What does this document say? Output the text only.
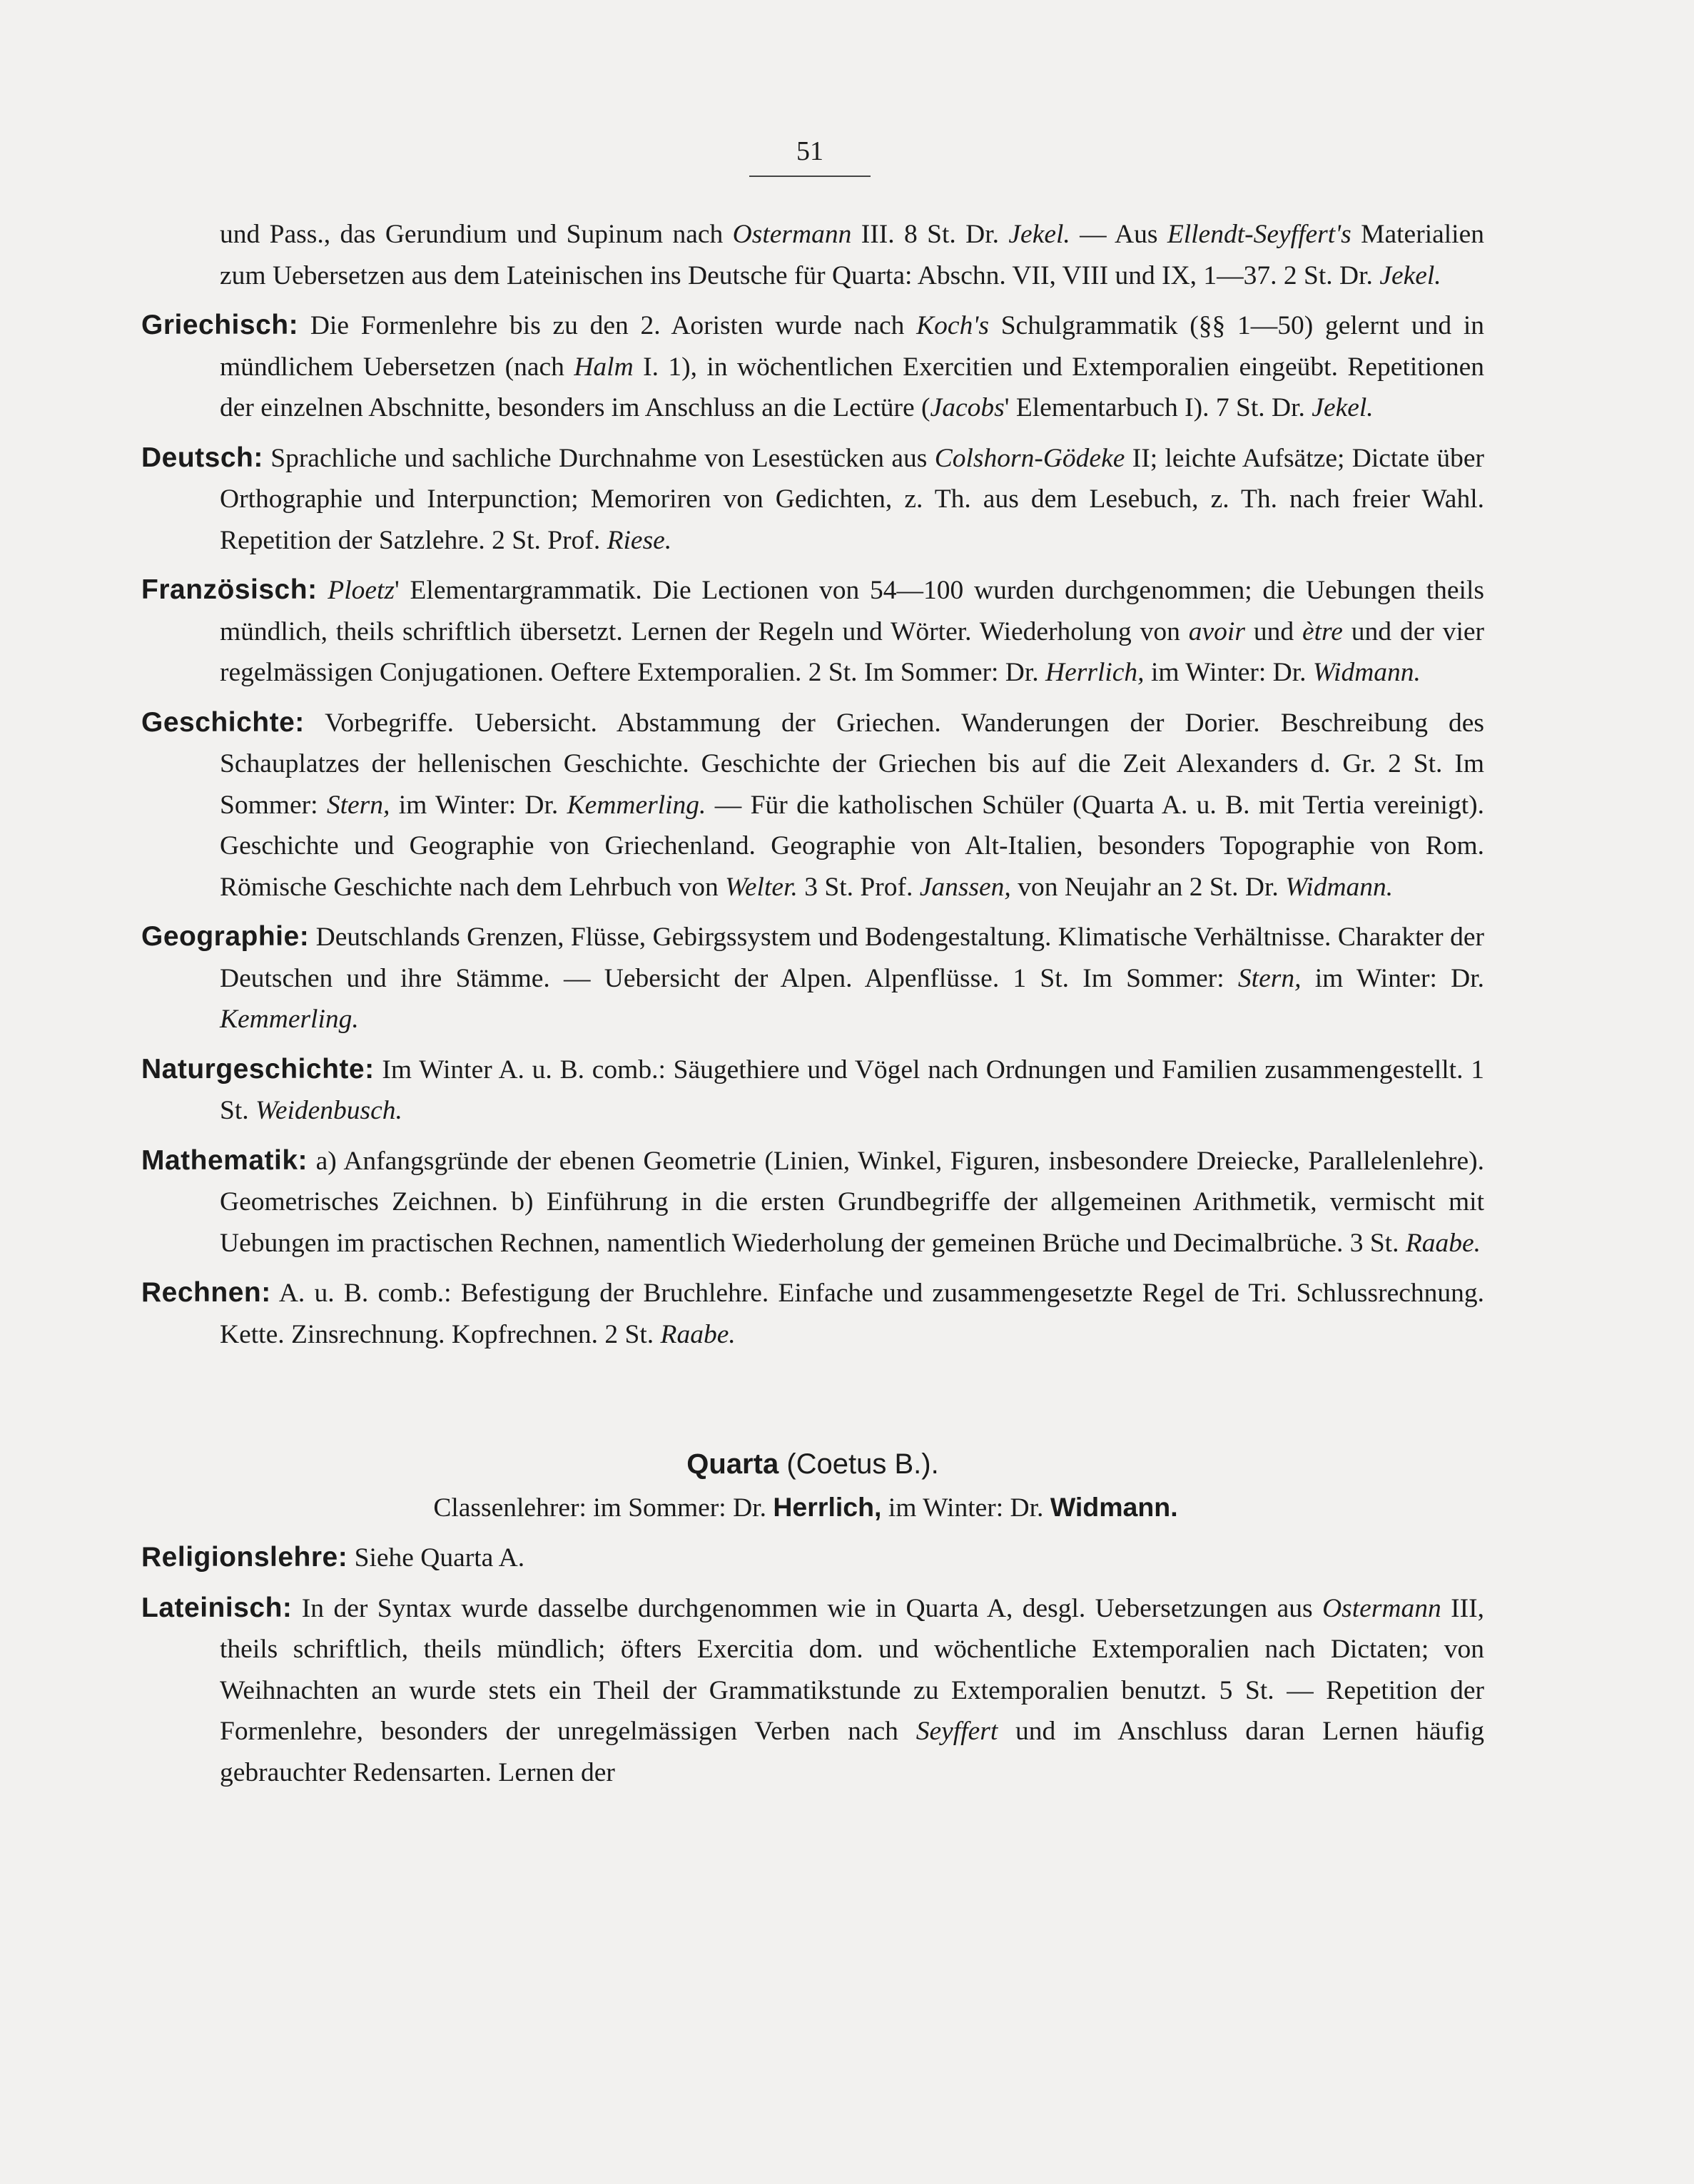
51

und Pass., das Gerundium und Supinum nach Ostermann III. 8 St. Dr. Jekel. — Aus Ellendt-Seyffert's Materialien zum Uebersetzen aus dem Lateinischen ins Deutsche für Quarta: Abschn. VII, VIII und IX, 1—37. 2 St. Dr. Jekel.

Griechisch: Die Formenlehre bis zu den 2. Aoristen wurde nach Koch's Schulgrammatik (§§ 1—50) gelernt und in mündlichem Uebersetzen (nach Halm I. 1), in wöchentlichen Exercitien und Extemporalien eingeübt. Repetitionen der einzelnen Abschnitte, besonders im Anschluss an die Lectüre (Jacobs' Elementarbuch I). 7 St. Dr. Jekel.

Deutsch: Sprachliche und sachliche Durchnahme von Lesestücken aus Colshorn-Gödeke II; leichte Aufsätze; Dictate über Orthographie und Interpunction; Memoriren von Gedichten, z. Th. aus dem Lesebuch, z. Th. nach freier Wahl. Repetition der Satzlehre. 2 St. Prof. Riese.

Französisch: Ploetz' Elementargrammatik. Die Lectionen von 54—100 wurden durchgenommen; die Uebungen theils mündlich, theils schriftlich übersetzt. Lernen der Regeln und Wörter. Wiederholung von avoir und ètre und der vier regelmässigen Conjugationen. Oeftere Extemporalien. 2 St. Im Sommer: Dr. Herrlich, im Winter: Dr. Widmann.

Geschichte: Vorbegriffe. Uebersicht. Abstammung der Griechen. Wanderungen der Dorier. Beschreibung des Schauplatzes der hellenischen Geschichte. Geschichte der Griechen bis auf die Zeit Alexanders d. Gr. 2 St. Im Sommer: Stern, im Winter: Dr. Kemmerling. — Für die katholischen Schüler (Quarta A. u. B. mit Tertia vereinigt). Geschichte und Geographie von Griechenland. Geographie von Alt-Italien, besonders Topographie von Rom. Römische Geschichte nach dem Lehrbuch von Welter. 3 St. Prof. Janssen, von Neujahr an 2 St. Dr. Widmann.

Geographie: Deutschlands Grenzen, Flüsse, Gebirgssystem und Bodengestaltung. Klimatische Verhältnisse. Charakter der Deutschen und ihre Stämme. — Uebersicht der Alpen. Alpenflüsse. 1 St. Im Sommer: Stern, im Winter: Dr. Kemmerling.

Naturgeschichte: Im Winter A. u. B. comb.: Säugethiere und Vögel nach Ordnungen und Familien zusammengestellt. 1 St. Weidenbusch.

Mathematik: a) Anfangsgründe der ebenen Geometrie (Linien, Winkel, Figuren, insbesondere Dreiecke, Parallelenlehre). Geometrisches Zeichnen. b) Einführung in die ersten Grundbegriffe der allgemeinen Arithmetik, vermischt mit Uebungen im practischen Rechnen, namentlich Wiederholung der gemeinen Brüche und Decimalbrüche. 3 St. Raabe.

Rechnen: A. u. B. comb.: Befestigung der Bruchlehre. Einfache und zusammengesetzte Regel de Tri. Schlussrechnung. Kette. Zinsrechnung. Kopfrechnen. 2 St. Raabe.

Quarta (Coetus B.).
Classenlehrer: im Sommer: Dr. Herrlich, im Winter: Dr. Widmann.

Religionslehre: Siehe Quarta A.

Lateinisch: In der Syntax wurde dasselbe durchgenommen wie in Quarta A, desgl. Uebersetzungen aus Ostermann III, theils schriftlich, theils mündlich; öfters Exercitia dom. und wöchentliche Extemporalien nach Dictaten; von Weihnachten an wurde stets ein Theil der Grammatikstunde zu Extemporalien benutzt. 5 St. — Repetition der Formenlehre, besonders der unregelmässigen Verben nach Seyffert und im Anschluss daran Lernen häufig gebrauchter Redensarten. Lernen der
